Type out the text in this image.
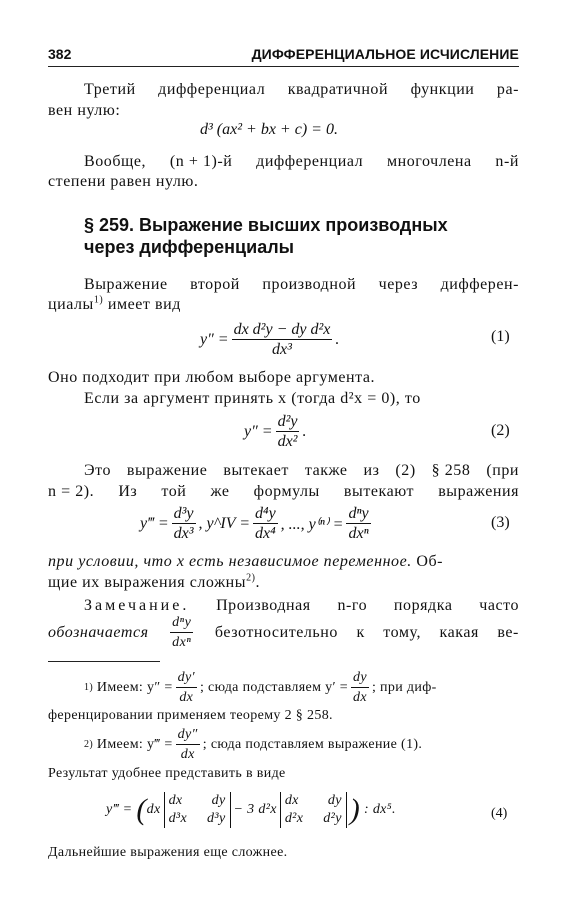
382	ДИФФЕРЕНЦИАЛЬНОЕ ИСЧИСЛЕНИЕ
Третий дифференциал квадратичной функции ра-
вен нулю:
d³ (ax² + bx + c) = 0.
Вообще, (n + 1)-й дифференциал многочлена n-й
степени равен нулю.
§ 259. Выражение высших производных
через дифференциалы
Выражение второй производной через дифферен-
циалы$^{1)}$ имеет вид
$y'' = \frac{\text{dx d²y − dy d²x}}{\text{dx³}}$ .	(1)
Оно подходит при любом выборе аргумента.
Если за аргумент принять x (тогда d²x = 0), то
$y'' = \frac{\text{d²y}}{\text{dx²}}$ .	(2)
Это выражение вытекает также из (2) § 258 (при
n = 2). Из той же формулы вытекают выражения
y‴ = $\frac{\text{d³y}}{\text{dx³}}$ , y^IV = $\frac{\text{d⁴y}}{\text{dx⁴}}$ , ..., $y^{(n)} = \frac{\text{dⁿy}}{\text{dxⁿ}}$	(3)
при условии, что x есть независимое переменное. Об-
щие их выражения сложны$^{2)}$.
Замечание. Производная n-го порядка часто
обозначается $\frac{\text{dⁿy}}{\text{dxⁿ}}$ безотносительно к тому, какая ве-
1)
Имеем: $y'' = \frac{dy'}{dx}$ ; сюда подставляем $y' = \frac{dy}{dx}$ ; при диф-
ференцировании применяем теорему 2 § 258.
2)
Имеем: y‴ = $\frac{dy''}{dx}$ ; сюда подставляем выражение (1).
Результат удобнее представить в виде
y‴ =
( dx
dx dy
d³x d³y
− 3 d²x
dx dy
d²x d²y )
: dx⁵.	(4)
Дальнейшие выражения еще сложнее.
